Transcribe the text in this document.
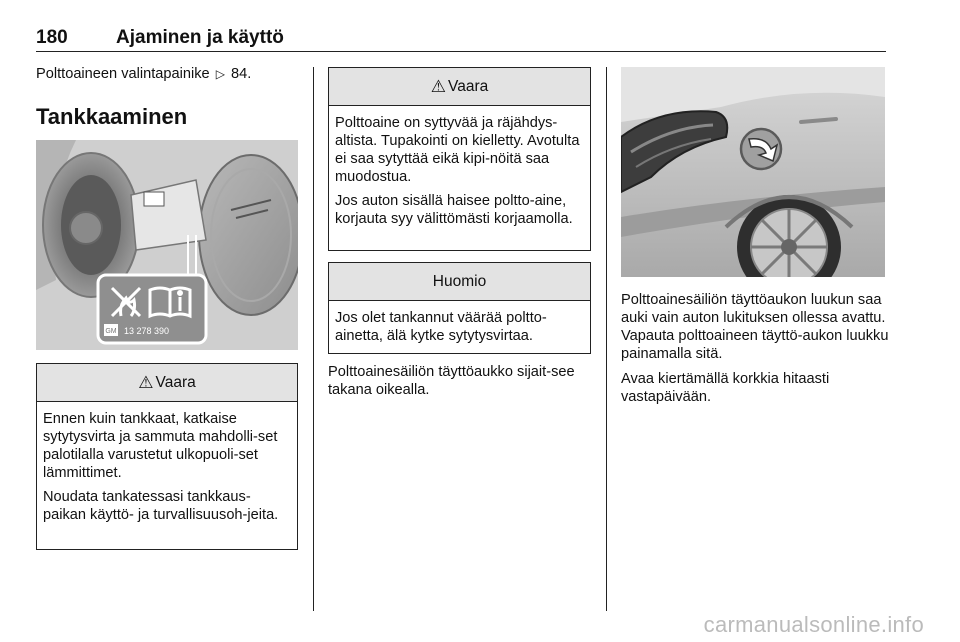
180	Ajaminen ja käyttö
Polttoaineen valintapainike ▷ 84.
Tankkaaminen
GM 13 278 390
⚠ Vaara

Ennen kuin tankkaat, katkaise sytytysvirta ja sammuta mahdolli-set palotilalla varustetut ulkopuoli-set lämmittimet.

Noudata tankatessasi tankkaus-paikan käyttö- ja turvallisuusoh-jeita.

⚠ Vaara

Polttoaine on syttyvää ja räjähdys-altista. Tupakointi on kielletty. Avotulta ei saa sytyttää eikä kipi-nöitä saa muodostua.

Jos auton sisällä haisee poltto-aine, korjauta syy välittömästi korjaamolla.

Huomio

Jos olet tankannut väärää poltto-ainetta, älä kytke sytytysvirtaa.

Polttoainesäiliön täyttöaukko sijait-see takana oikealla.
Polttoainesäiliön täyttöaukon luukun saa auki vain auton lukituksen ollessa avattu. Vapauta polttoaineen täyttö-aukon luukku painamalla sitä.
Avaa kiertämällä korkkia hitaasti vastapäivään.
carmanualsonline.info
